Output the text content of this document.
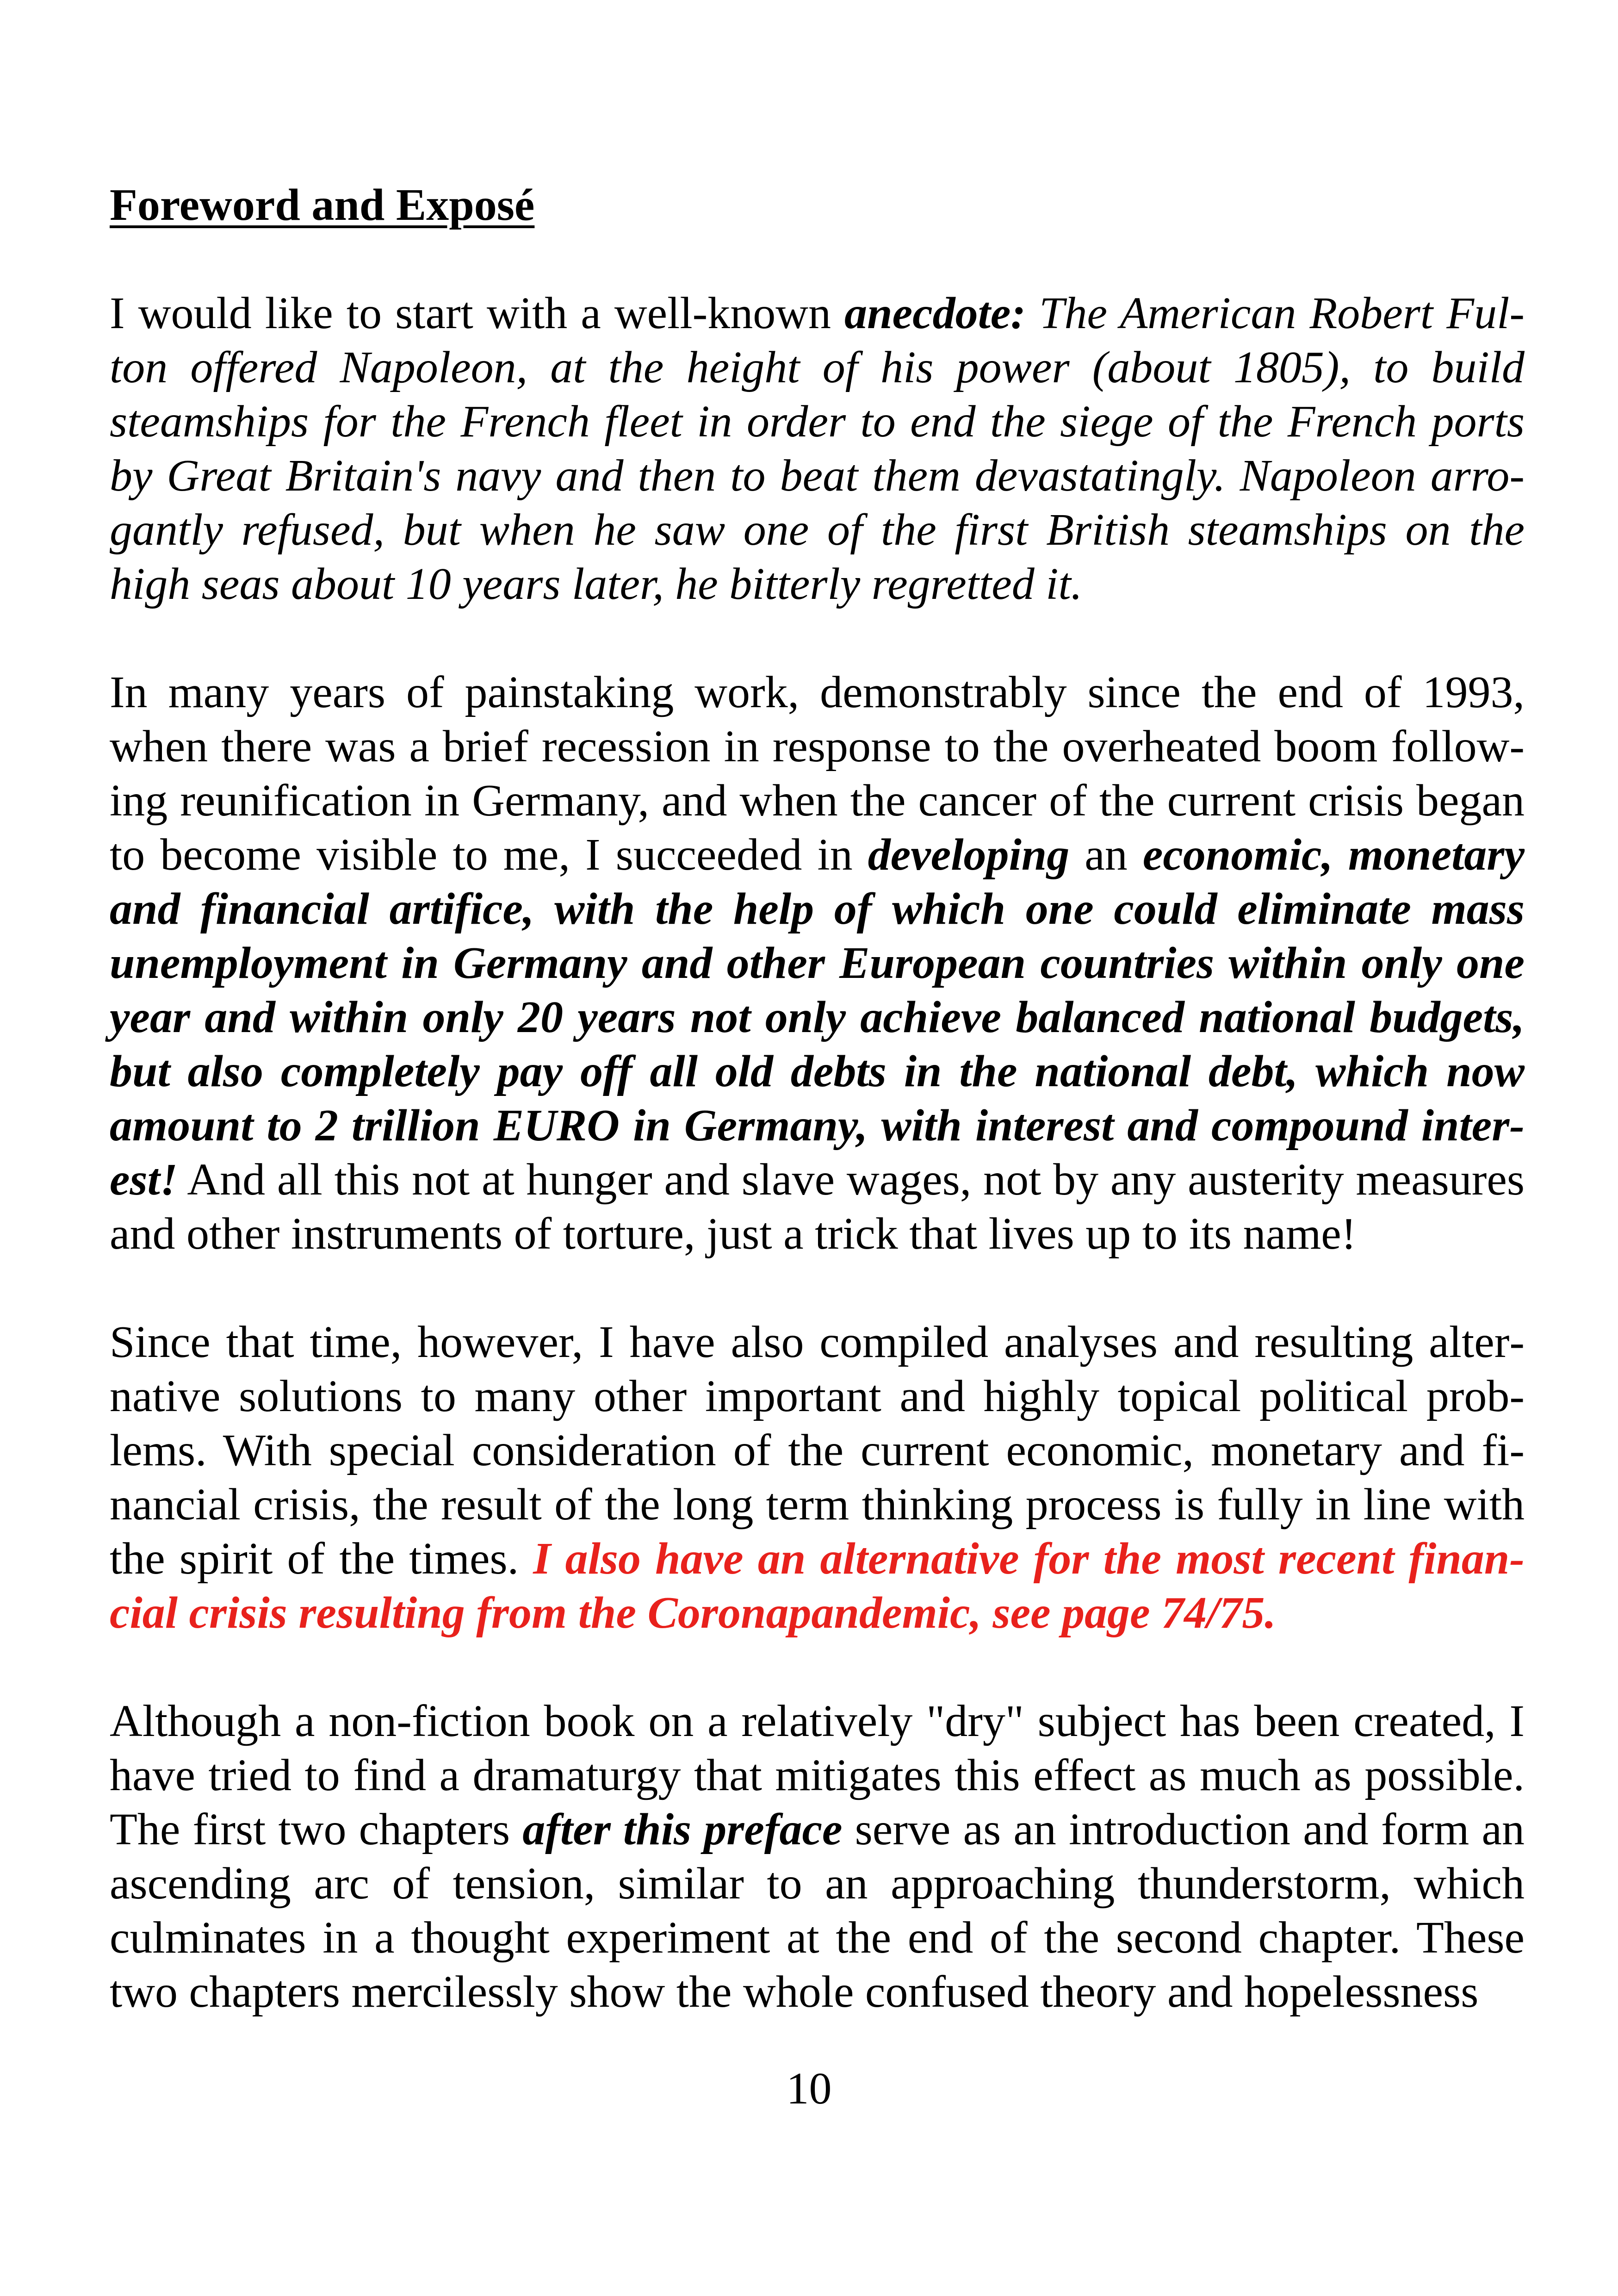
Foreword and Exposé

I would like to start with a well-known anecdote: The American Robert Fulton offered Napoleon, at the height of his power (about 1805), to build steamships for the French fleet in order to end the siege of the French ports by Great Britain's navy and then to beat them devastatingly. Napoleon arrogantly refused, but when he saw one of the first British steamships on the high seas about 10 years later, he bitterly regretted it.

In many years of painstaking work, demonstrably since the end of 1993, when there was a brief recession in response to the overheated boom following reunification in Germany, and when the cancer of the current crisis began to become visible to me, I succeeded in developing an economic, monetary and financial artifice, with the help of which one could eliminate mass unemployment in Germany and other European countries within only one year and within only 20 years not only achieve balanced national budgets, but also completely pay off all old debts in the national debt, which now amount to 2 trillion EURO in Germany, with interest and compound interest! And all this not at hunger and slave wages, not by any austerity measures and other instruments of torture, just a trick that lives up to its name!

Since that time, however, I have also compiled analyses and resulting alternative solutions to many other important and highly topical political problems. With special consideration of the current economic, monetary and financial crisis, the result of the long term thinking process is fully in line with the spirit of the times. I also have an alternative for the most recent financial crisis resulting from the Coronapandemic, see page 74/75.

Although a non-fiction book on a relatively "dry" subject has been created, I have tried to find a dramaturgy that mitigates this effect as much as possible. The first two chapters after this preface serve as an introduction and form an ascending arc of tension, similar to an approaching thunderstorm, which culminates in a thought experiment at the end of the second chapter. These two chapters mercilessly show the whole confused theory and hopelessness

10
